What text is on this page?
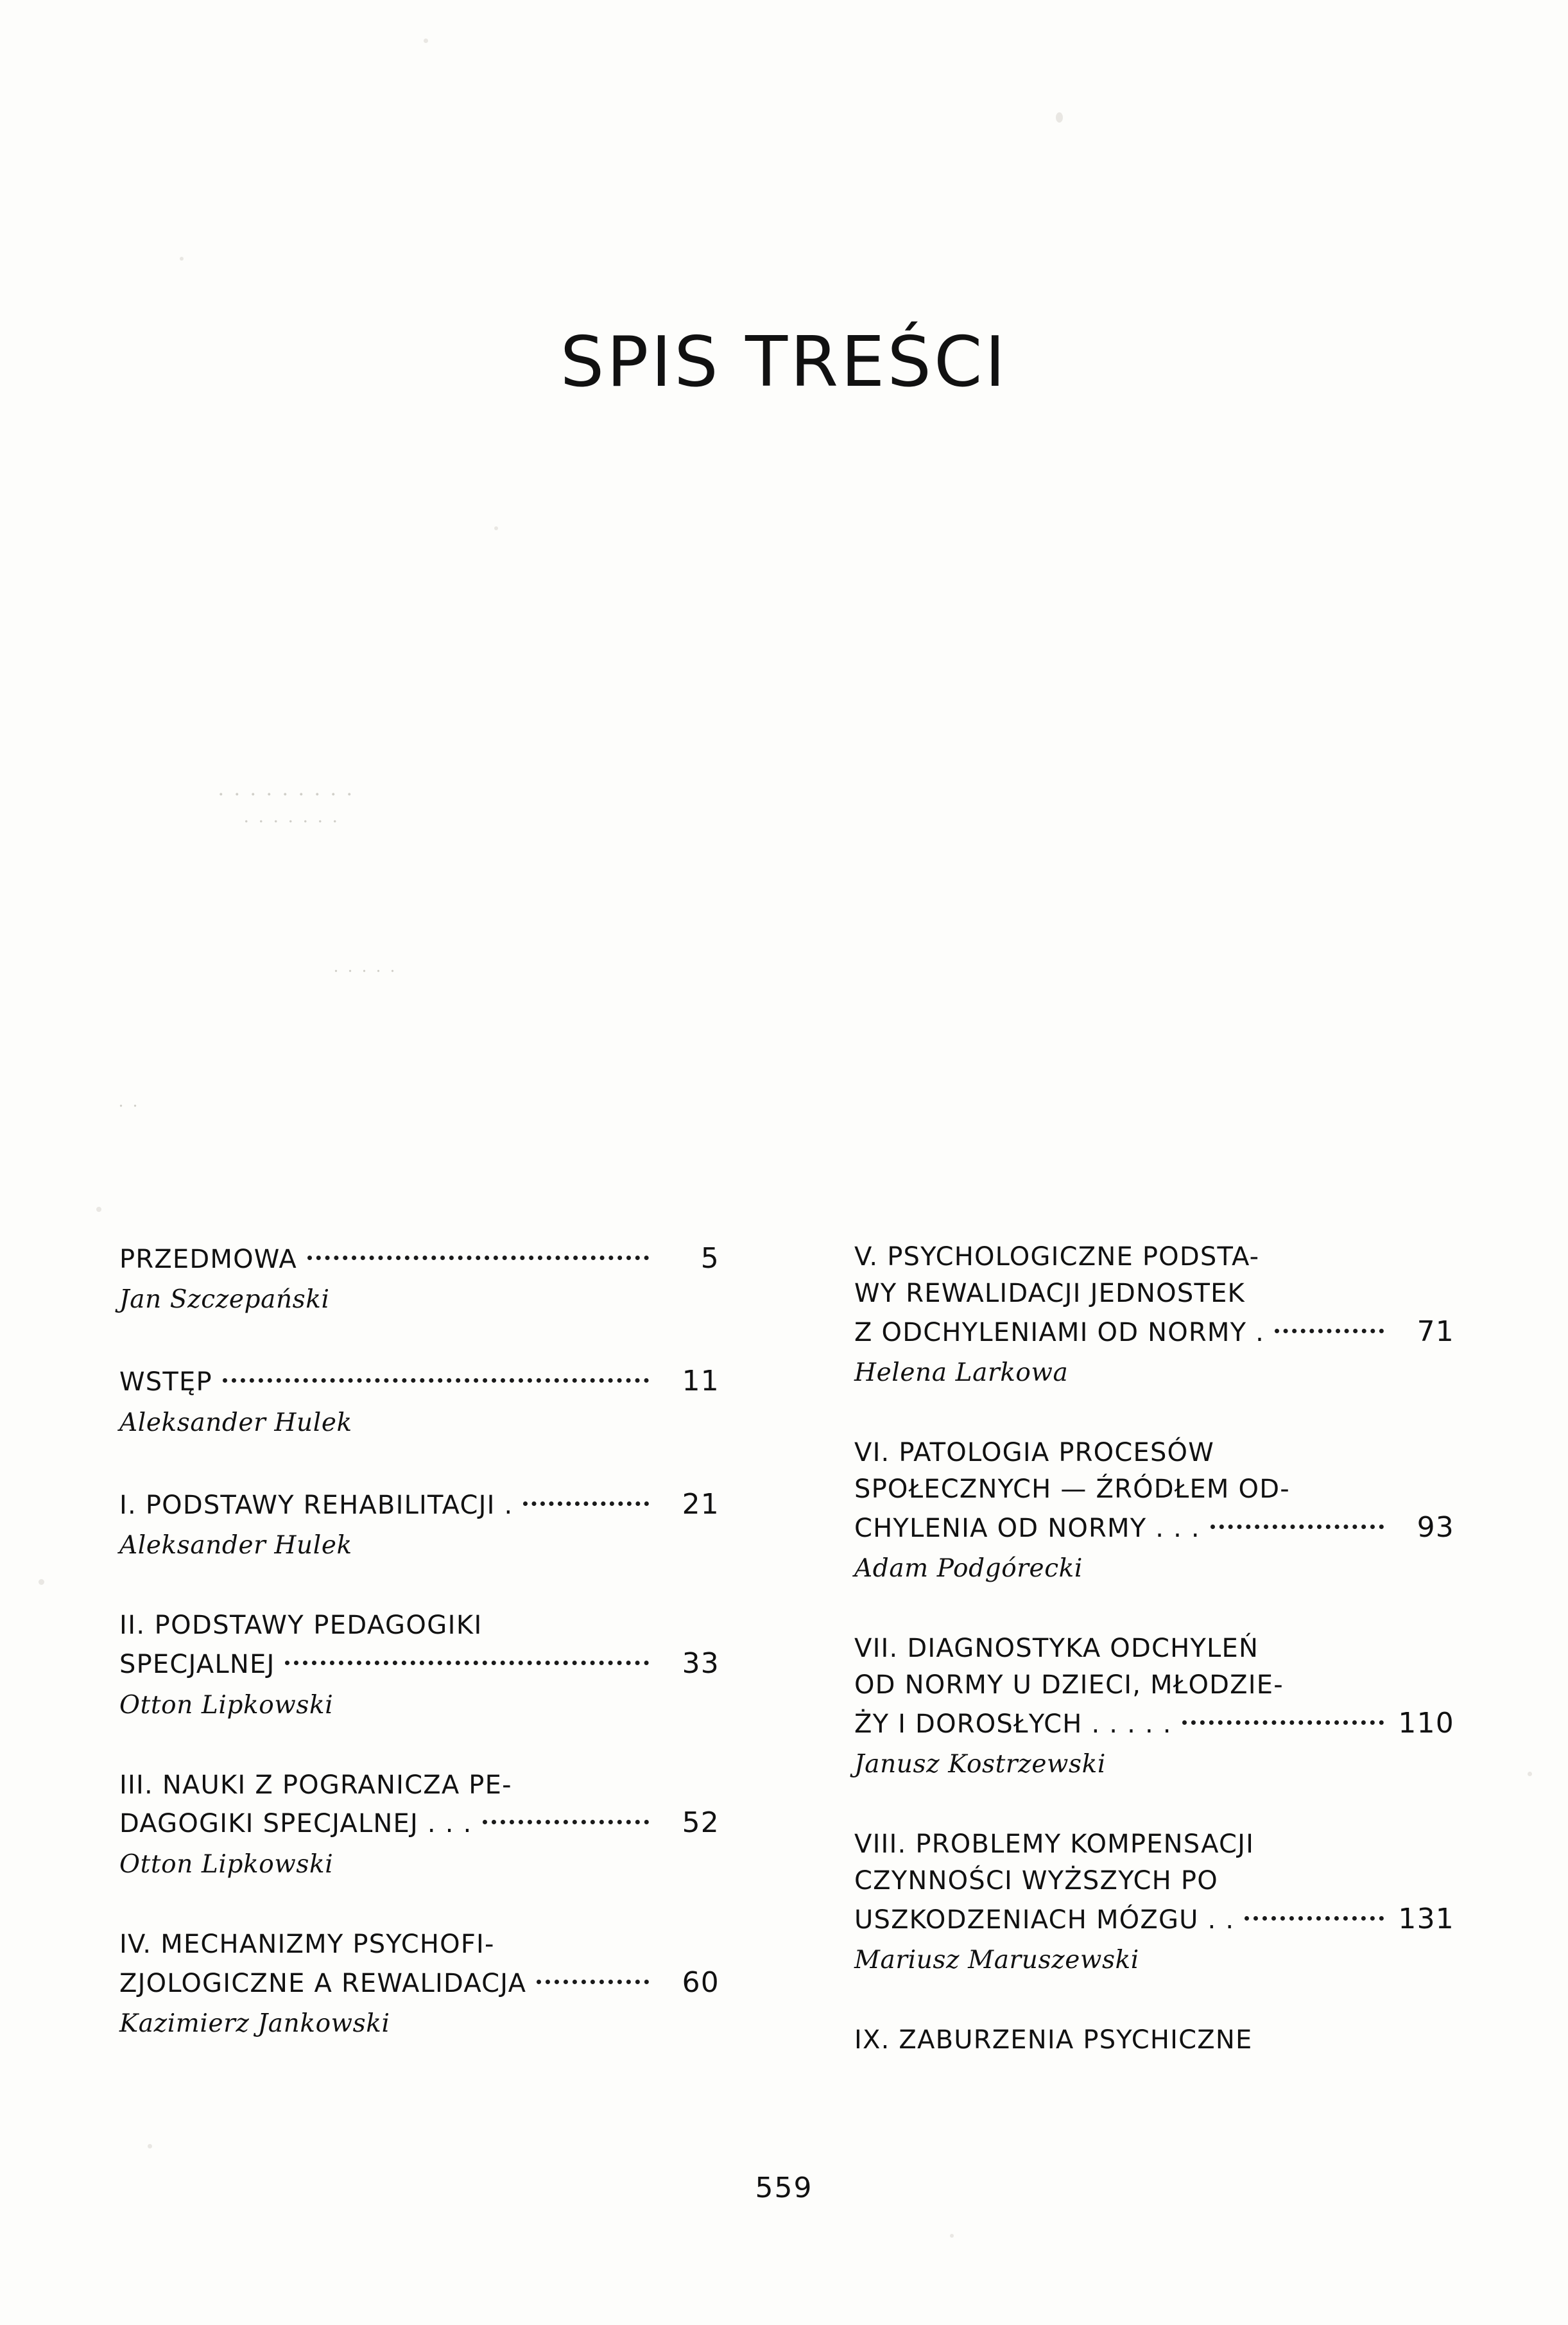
. . . . . . . . .
. . . . . . .
. . . . .
. .
SPIS TREŚCI
PRZEDMOWA	5
Jan Szczepański
WSTĘP	11
Aleksander Hulek
I. PODSTAWY REHABILITACJI .	21
Aleksander Hulek
II. PODSTAWY PEDAGOGIKI
SPECJALNEJ	33
Otton Lipkowski
III. NAUKI Z POGRANICZA PE-
DAGOGIKI SPECJALNEJ . . .	52
Otton Lipkowski
IV. MECHANIZMY PSYCHOFI-
ZJOLOGICZNE A REWALIDACJA	60
Kazimierz Jankowski
V. PSYCHOLOGICZNE PODSTA-
WY REWALIDACJI JEDNOSTEK
Z ODCHYLENIAMI OD NORMY .	71
Helena Larkowa
VI. PATOLOGIA PROCESÓW
SPOŁECZNYCH — ŹRÓDŁEM OD-
CHYLENIA OD NORMY . . .	93
Adam Podgórecki
VII. DIAGNOSTYKA ODCHYLEŃ
OD NORMY U DZIECI, MŁODZIE-
ŻY I DOROSŁYCH . . . . .	110
Janusz Kostrzewski
VIII. PROBLEMY KOMPENSACJI
CZYNNOŚCI WYŻSZYCH PO
USZKODZENIACH MÓZGU . .	131
Mariusz Maruszewski
IX. ZABURZENIA PSYCHICZNE
559
